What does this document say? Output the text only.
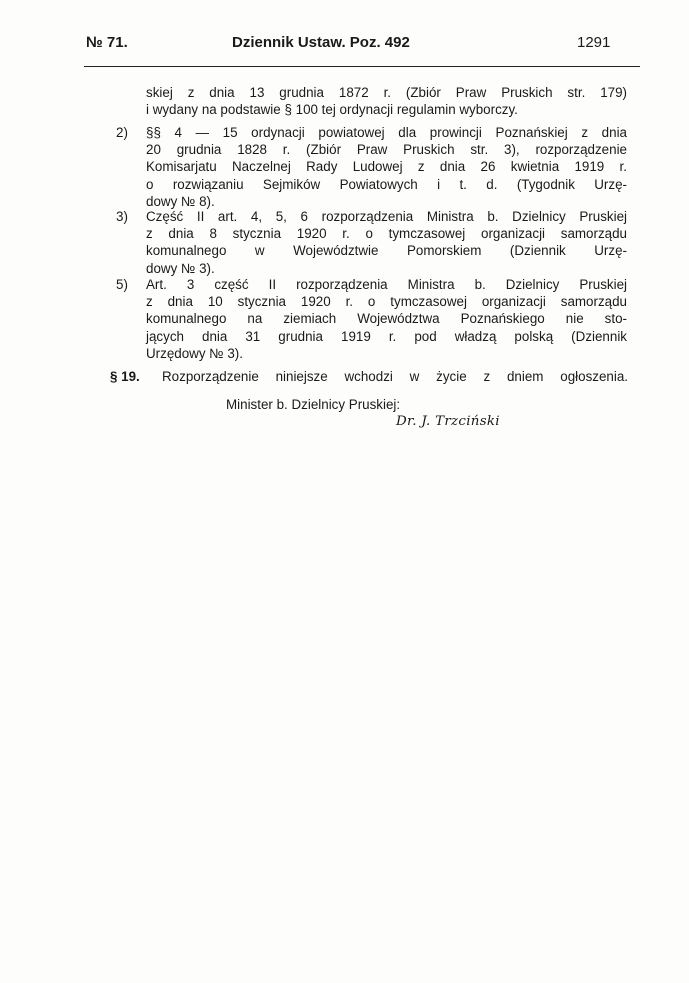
№ 71.	Dziennik Ustaw. Poz. 492	1291
skiej z dnia 13 grudnia 1872 r. (Zbiór Praw Pruskich str. 179)
i wydany na podstawie § 100 tej ordynacji regulamin wyborczy.
2) §§ 4 — 15 ordynacji powiatowej dla prowincji Poznańskiej z dnia
20 grudnia 1828 r. (Zbiór Praw Pruskich str. 3), rozporządzenie
Komisarjatu Naczelnej Rady Ludowej z dnia 26 kwietnia 1919 r.
o rozwiązaniu Sejmików Powiatowych i t. d. (Tygodnik Urzę-
dowy № 8).
3) Część II art. 4, 5, 6 rozporządzenia Ministra b. Dzielnicy Pruskiej
z dnia 8 stycznia 1920 r. o tymczasowej organizacji samorządu
komunalnego w Województwie Pomorskiem (Dziennik Urzę-
dowy № 3).
5) Art. 3 część II rozporządzenia Ministra b. Dzielnicy Pruskiej
z dnia 10 stycznia 1920 r. o tymczasowej organizacji samorządu
komunalnego na ziemiach Województwa Poznańskiego nie sto-
jących dnia 31 grudnia 1919 r. pod władzą polską (Dziennik
Urzędowy № 3).
§ 19. Rozporządzenie niniejsze wchodzi w życie z dniem ogłoszenia.
Minister b. Dzielnicy Pruskiej:
Dr. J. Trzciński
